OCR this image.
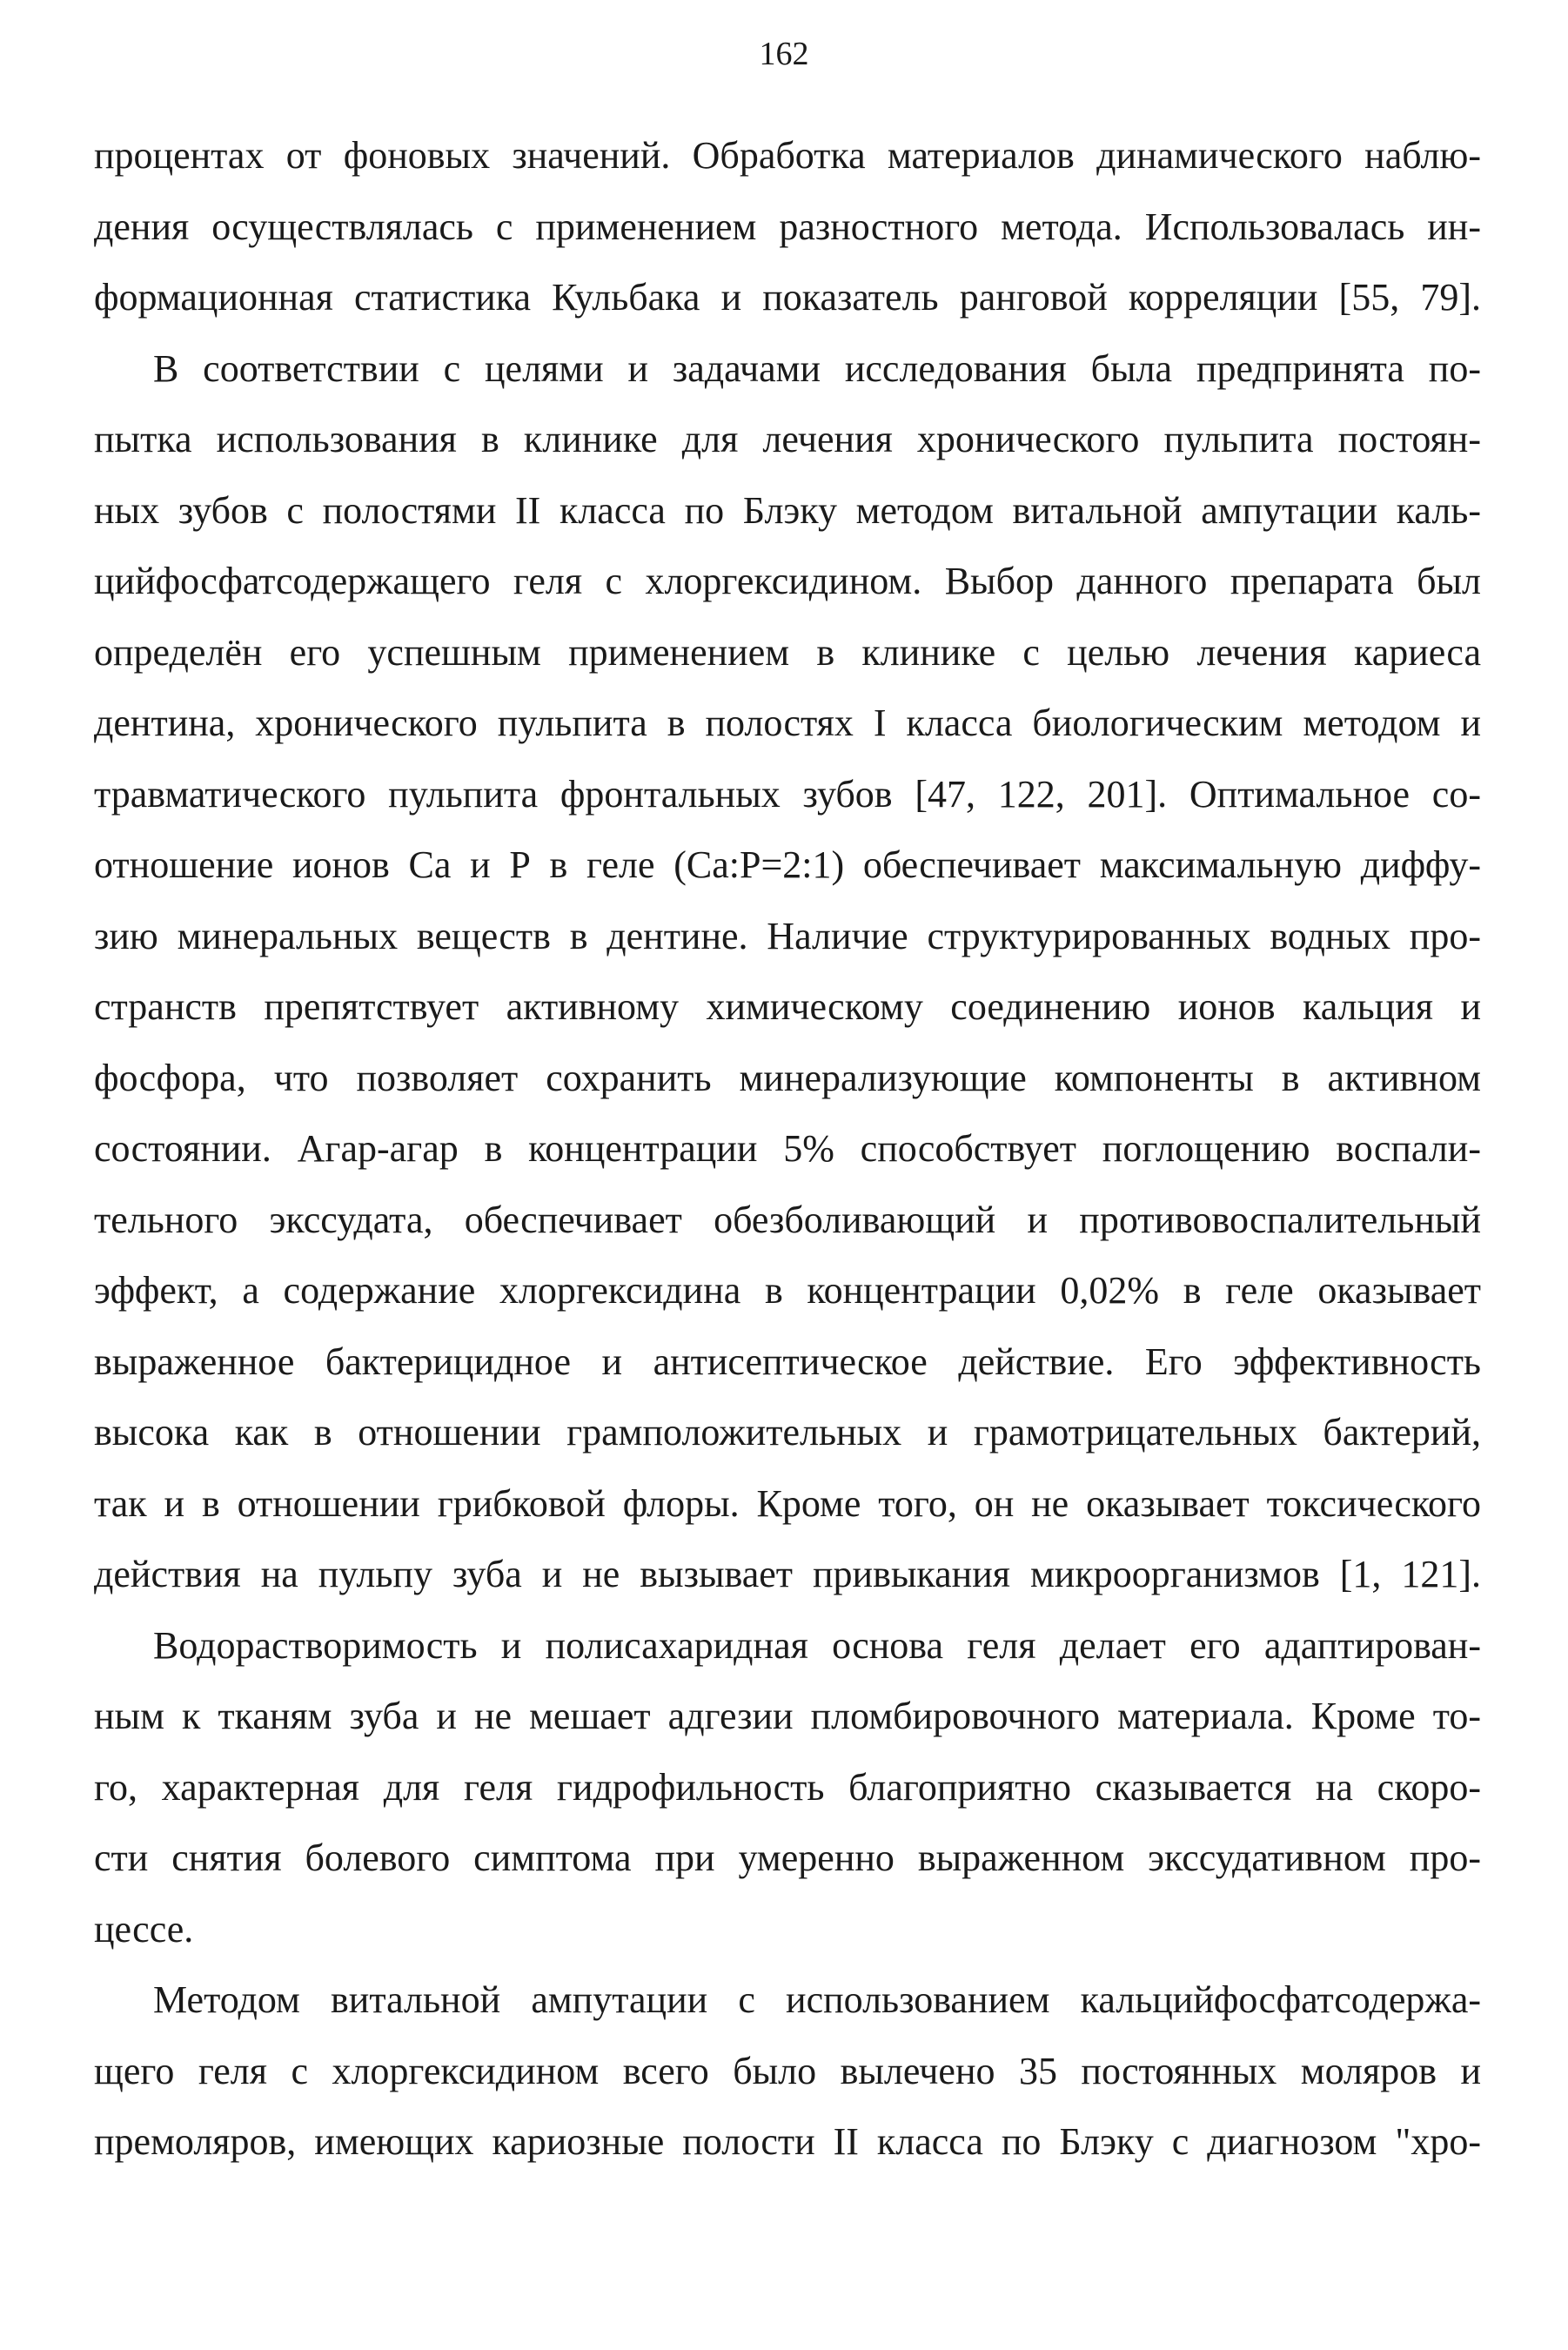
162
процентах от фоновых значений. Обработка материалов динамического наблю-
дения осуществлялась с применением разностного метода. Использовалась ин-
формационная статистика Кульбака и показатель ранговой корреляции [55, 79].
В соответствии с целями и задачами исследования была предпринята по-
пытка использования в клинике для лечения хронического пульпита постоян-
ных зубов с полостями II класса по Блэку методом витальной ампутации каль-
цийфосфатсодержащего геля с хлоргексидином. Выбор данного препарата был
определён его успешным применением в клинике с целью лечения кариеса
дентина, хронического пульпита в полостях I класса биологическим методом и
травматического пульпита фронтальных зубов [47, 122, 201]. Оптимальное со-
отношение ионов Са и Р в геле (Са:Р=2:1) обеспечивает максимальную диффу-
зию минеральных веществ в дентине. Наличие структурированных водных про-
странств препятствует активному химическому соединению ионов кальция и
фосфора, что позволяет сохранить минерализующие компоненты в активном
состоянии. Агар-агар в концентрации 5% способствует поглощению воспали-
тельного экссудата, обеспечивает обезболивающий и противовоспалительный
эффект, а содержание хлоргексидина в концентрации 0,02% в геле оказывает
выраженное бактерицидное и антисептическое действие. Его эффективность
высока как в отношении грамположительных и грамотрицательных бактерий,
так и в отношении грибковой флоры. Кроме того, он не оказывает токсического
действия на пульпу зуба и не вызывает привыкания микроорганизмов [1, 121].
Водорастворимость и полисахаридная основа геля делает его адаптирован-
ным к тканям зуба и не мешает адгезии пломбировочного материала. Кроме то-
го, характерная для геля гидрофильность благоприятно сказывается на скоро-
сти снятия болевого симптома при умеренно выраженном экссудативном про-
цессе.
Методом витальной ампутации с использованием кальцийфосфатсодержа-
щего геля с хлоргексидином всего было вылечено 35 постоянных моляров и
премоляров, имеющих кариозные полости II класса по Блэку с диагнозом "хро-
